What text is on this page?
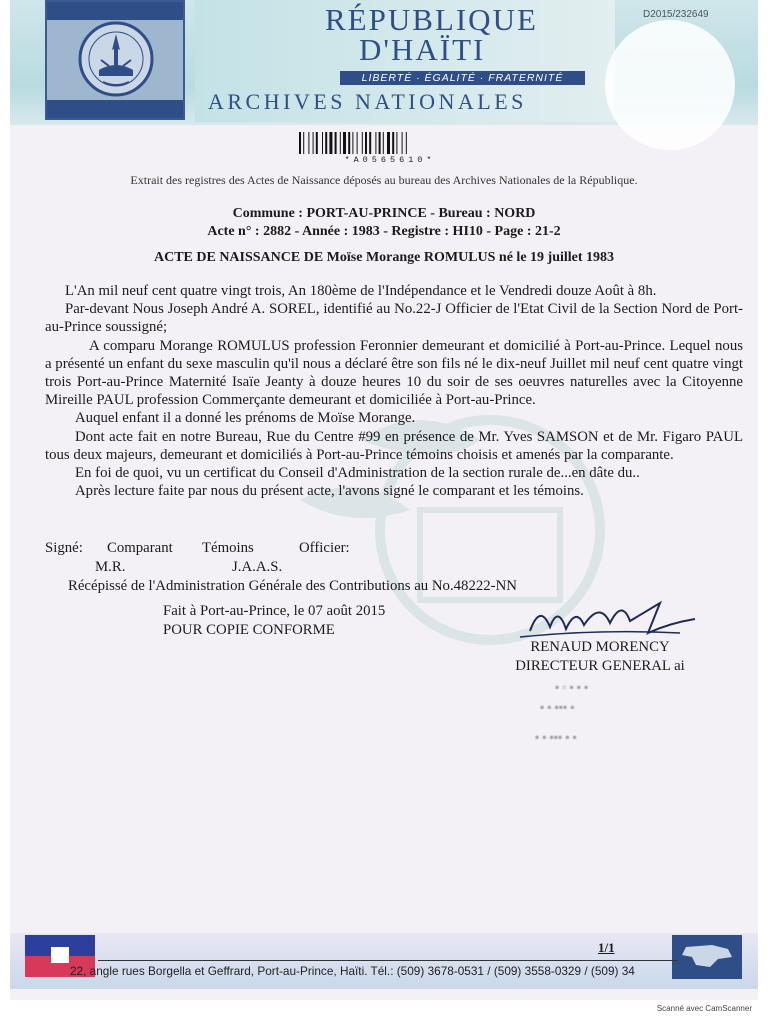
RÉPUBLIQUE
D'HAÏTI
LIBERTÉ · ÉGALITÉ · FRATERNITÉ
ARCHIVES NATIONALES
D2015/232649
*A0565610*
Extrait des registres des Actes de Naissance déposés au bureau des Archives Nationales de la République.
Commune : PORT-AU-PRINCE - Bureau : NORD
Acte n° : 2882 - Année : 1983 - Registre : HI10 - Page : 21-2
ACTE DE NAISSANCE DE Moïse Morange ROMULUS né le 19 juillet 1983

L'An mil neuf cent quatre vingt trois, An 180ème de l'Indépendance et le Vendredi douze Août à 8h.

Par-devant Nous Joseph André A. SOREL, identifié au No.22-J Officier de l'Etat Civil de la Section Nord de Port-au-Prince soussigné;

A comparu Morange ROMULUS profession Feronnier demeurant et domicilié à Port-au-Prince. Lequel nous a présenté un enfant du sexe masculin qu'il nous a déclaré être son fils né le dix-neuf Juillet mil neuf cent quatre vingt trois Port-au-Prince Maternité Isaïe Jeanty à douze heures 10 du soir de ses oeuvres naturelles avec la Citoyenne Mireille PAUL profession Commerçante demeurant et domiciliée à Port-au-Prince.

Auquel enfant il a donné les prénoms de Moïse Morange.

Dont acte fait en notre Bureau, Rue du Centre #99 en présence de Mr. Yves SAMSON et de Mr. Figaro PAUL tous deux majeurs, demeurant et domiciliés à Port-au-Prince témoins choisis et amenés par la comparante.

En foi de quoi, vu un certificat du Conseil d'Administration de la section rurale de...en dâte du..

Après lecture faite par nous du présent acte, l'avons signé le comparant et les témoins.

Signé: Comparant Témoins	Officier:
M.R.	J.A.A.S.
Récépissé de l'Administration Générale des Contributions au No.48222-NN
Fait à Port-au-Prince, le 07 août 2015
POUR COPIE CONFORME
RENAUD MORENCY
DIRECTEUR GENERAL ai
▪ ▫ ▪ ▪ ▪
▪ ▪ ▪▪▪ ▪
▪ ▪ ▪▪▪ ▪ ▪
1/1
22, angle rues Borgella et Geffrard, Port-au-Prince, Haïti. Tél.: (509) 3678-0531 / (509) 3558-0329 / (509) 34
Scanné avec CamScanner
